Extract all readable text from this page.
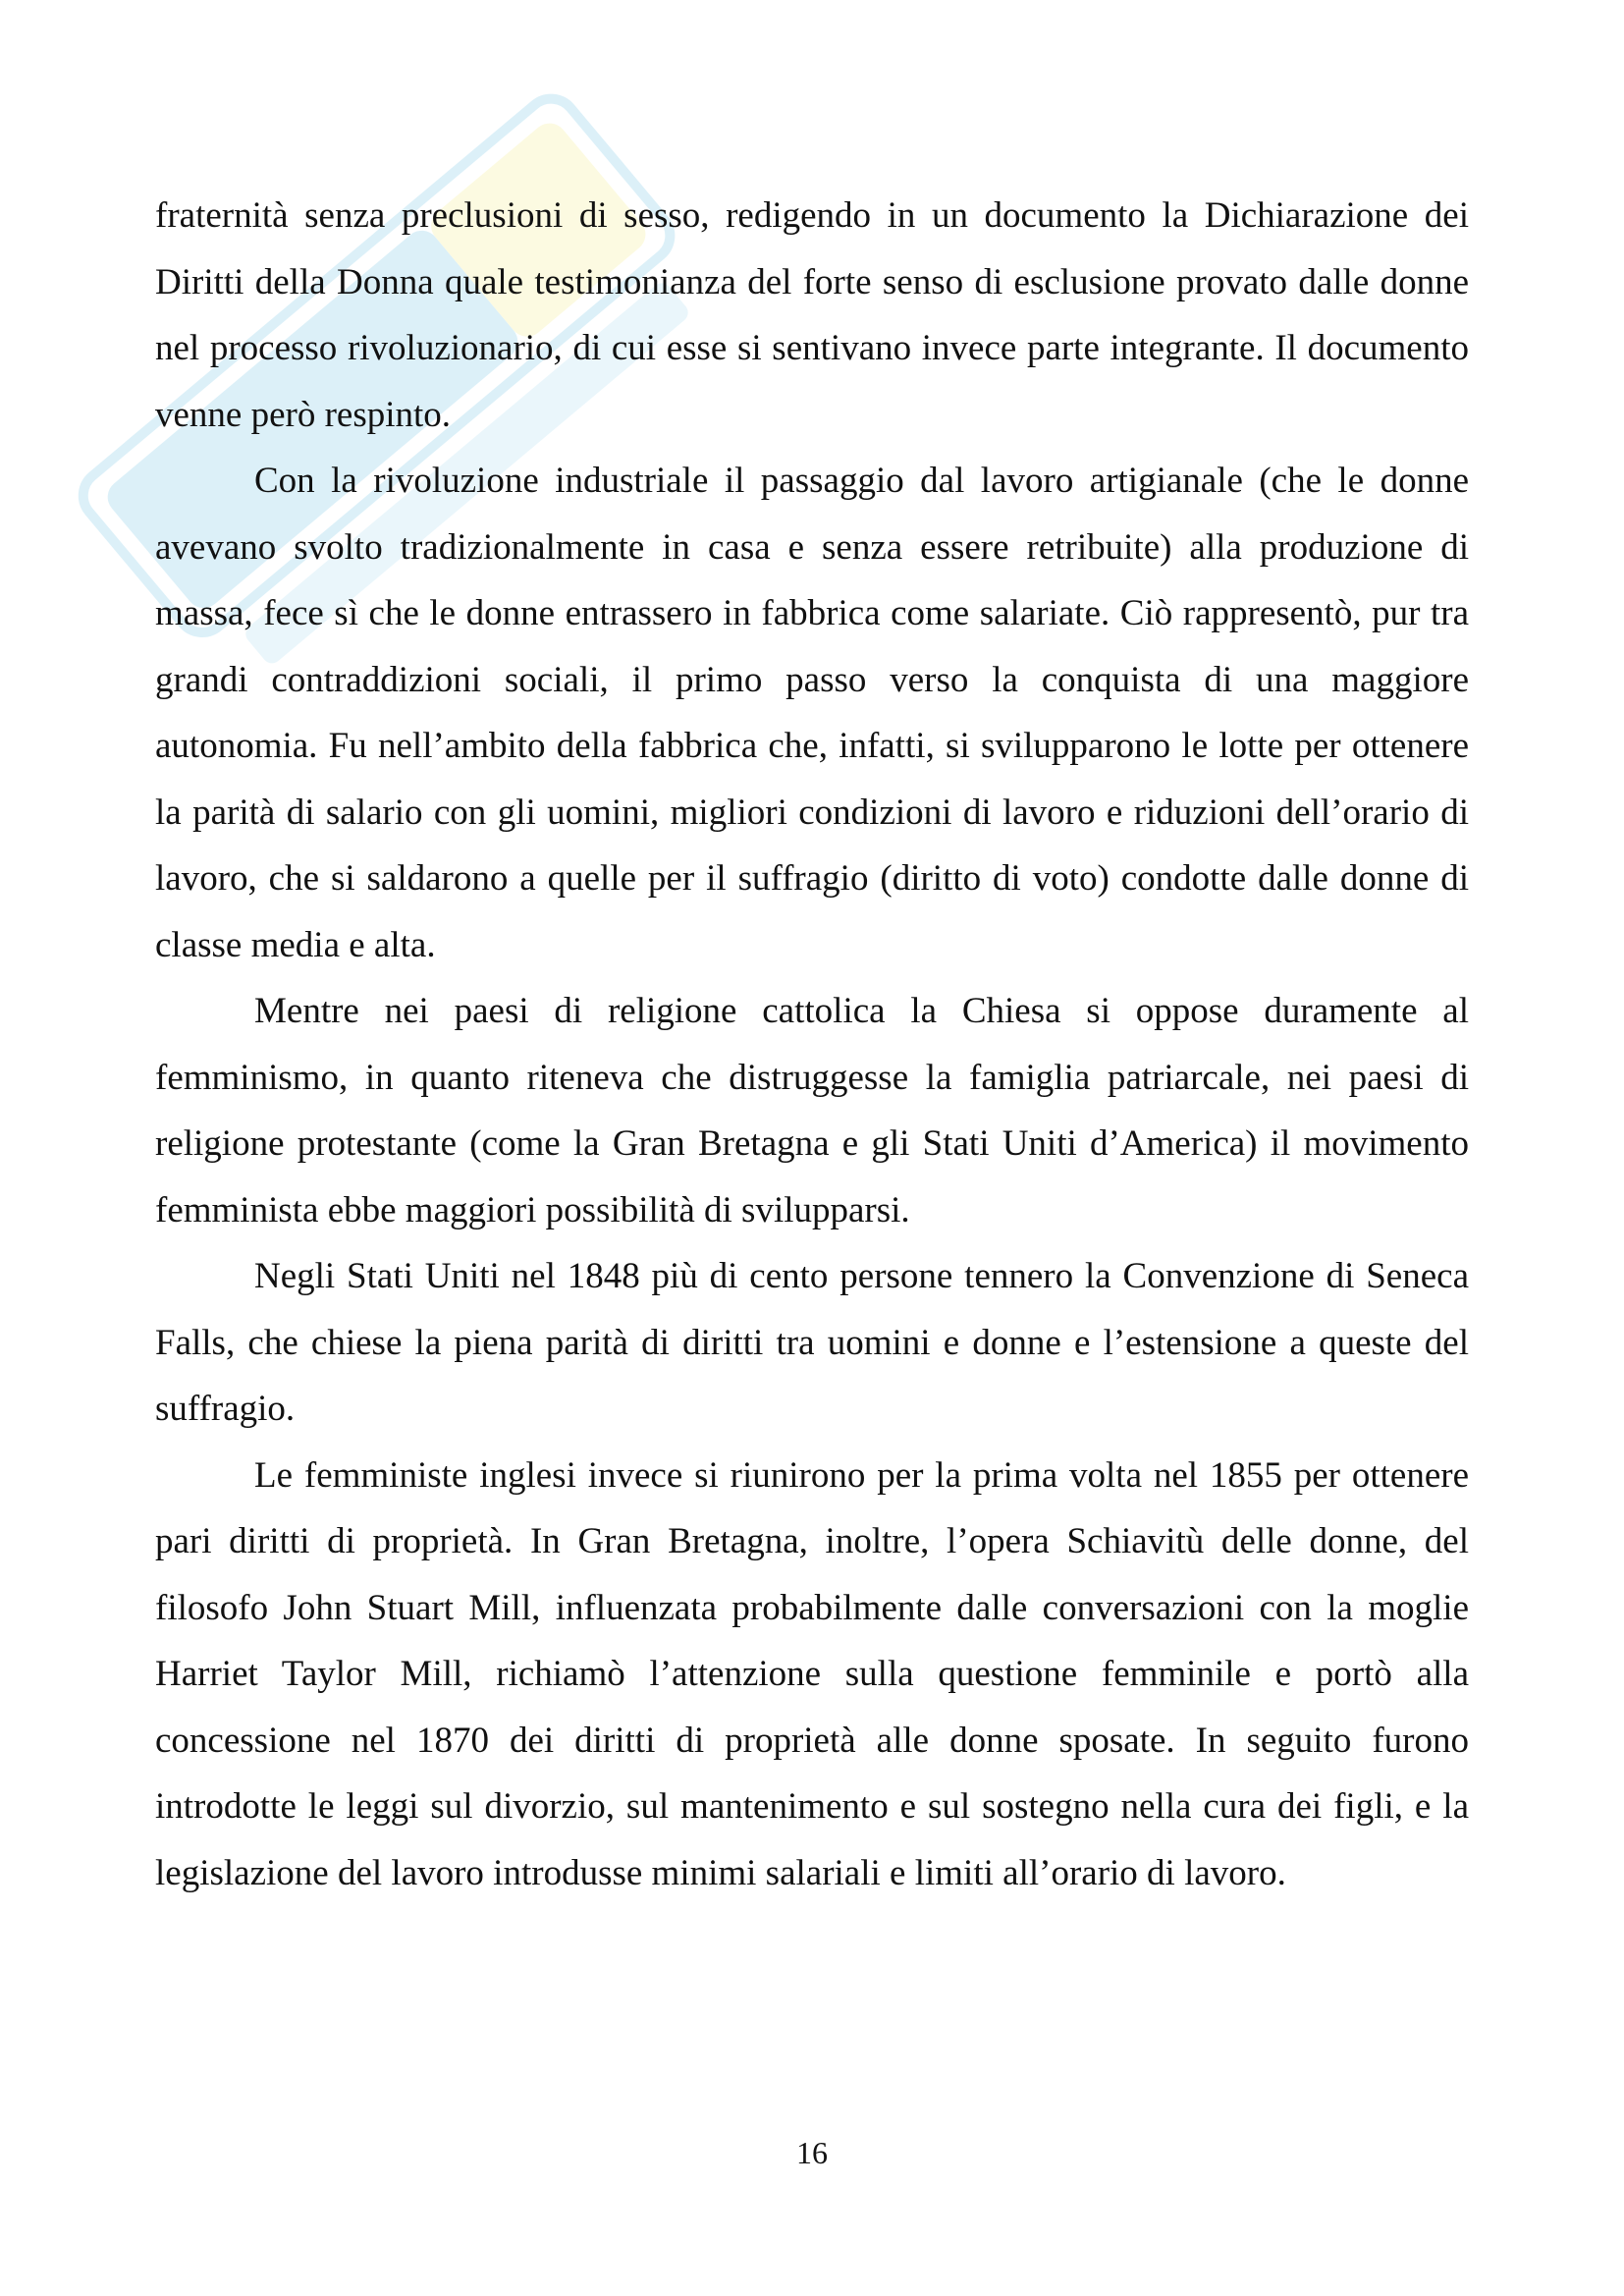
fraternità senza preclusioni di sesso, redigendo in un documento la Dichiarazione dei Diritti della Donna quale testimonianza del forte senso di esclusione provato dalle donne nel processo rivoluzionario, di cui esse si sentivano invece parte integrante. Il documento venne però respinto.

Con la rivoluzione industriale il passaggio dal lavoro artigianale (che le donne avevano svolto tradizionalmente in casa e senza essere retribuite) alla produzione di massa, fece sì che le donne entrassero in fabbrica come salariate. Ciò rappresentò, pur tra grandi contraddizioni sociali, il primo passo verso la conquista di una maggiore autonomia. Fu nell’ambito della fabbrica che, infatti, si svilupparono le lotte per ottenere la parità di salario con gli uomini, migliori condizioni di lavoro e riduzioni dell’orario di lavoro, che si saldarono a quelle per il suffragio (diritto di voto) condotte dalle donne di classe media e alta.

Mentre nei paesi di religione cattolica la Chiesa si oppose duramente al femminismo, in quanto riteneva che distruggesse la famiglia patriarcale, nei paesi di religione protestante (come la Gran Bretagna e gli Stati Uniti d’America) il movimento femminista ebbe maggiori possibilità di svilupparsi.

Negli Stati Uniti nel 1848 più di cento persone tennero la Convenzione di Seneca Falls, che chiese la piena parità di diritti tra uomini e donne e l’estensione a queste del suffragio.

Le femministe inglesi invece si riunirono per la prima volta nel 1855 per ottenere pari diritti di proprietà. In Gran Bretagna, inoltre, l’opera Schiavitù delle donne, del filosofo John Stuart Mill, influenzata probabilmente dalle conversazioni con la moglie Harriet Taylor Mill, richiamò l’attenzione sulla questione femminile e portò alla concessione nel 1870 dei diritti di proprietà alle donne sposate. In seguito furono introdotte le leggi sul divorzio, sul mantenimento e sul sostegno nella cura dei figli, e la legislazione del lavoro introdusse minimi salariali e limiti all’orario di lavoro.

16
